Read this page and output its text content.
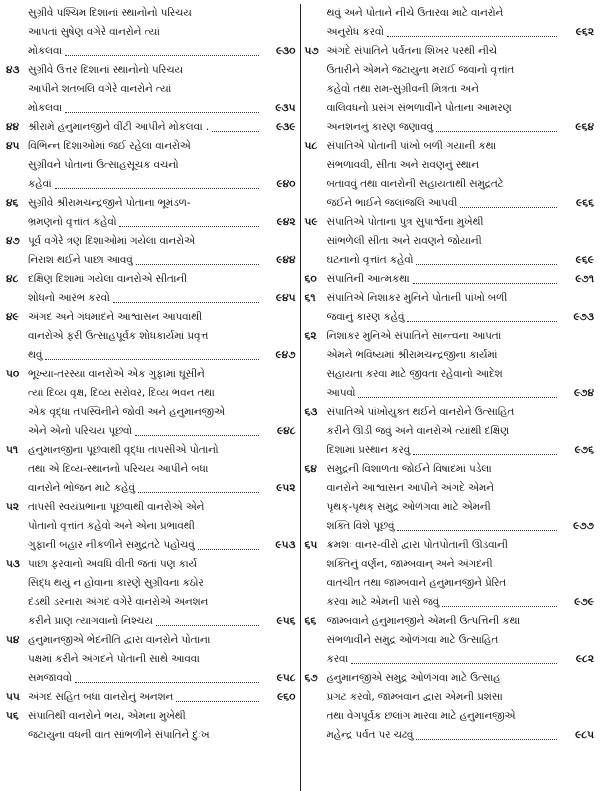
સુગ્રીવે પશ્ચિમ દિશાનાં સ્થાનોનો પરિચય
આપતાં સુષેણ વગેરે વાનરોને ત્યાં
મોકલવા	૯૩૦
૪૩ સુગ્રીવે ઉત્તર દિશાનાં સ્થાનોનો પરિચય
આપીને શતબલિ વગેરે વાનરોને ત્યાં
મોકલવા	૯૩૫
૪૪ શ્રીરામે હનુમાનજીને વીંટી આપીને મોકલવા .	૯૩૯
૪૫ વિભિન્ન દિશાઓમાં જઈ રહેલા વાનરોએ
સુગ્રીવને પોતાનાં ઉત્સાહસૂચક વચનો
કહેવાં	૯૪૦
૪૬ સુગ્રીવે શ્રીરામચન્દ્રજીને પોતાના ભૂમંડળ-
ભ્રમણનો વૃત્તાંત કહેવો	૯૪૨
૪૭ પૂર્વ વગેરે ત્રણ દિશાઓમાં ગયેલા વાનરોએ
નિરાશ થઈને પાછા આવવું	૯૪૪
૪૮ દક્ષિણ દિશામાં ગયેલા વાનરોએ સીતાની
શોધનો આરંભ કરવો	૯૪૫
૪૯ અંગદ અને ગંધમાદને આશ્વાસન આપવાથી
વાનરોએ ફરી ઉત્સાહપૂર્વક શોધકાર્યમાં પ્રવૃત્ત
થવું	૯૪૭
૫૦ ભૂખ્યા-તરસ્યા વાનરોએ એક ગુફામાં ઘૂસીને
ત્યાં દિવ્ય વૃક્ષ, દિવ્ય સરોવર, દિવ્ય ભવન તથા
એક વૃદ્ધા તપસ્વિનીને જોવી અને હનુમાનજીએ
એને એનો પરિચય પૂછવો	૯૪૮
૫૧ હનુમાનજીના પૂછવાથી વૃદ્ધા તાપસીએ પોતાનો
તથા એ દિવ્ય-સ્થાનનો પરિચય આપીને બધા
વાનરોને ભોજન માટે કહેવું	૯૫૨
૫૨ તાપસી સ્વયંપ્રભાના પૂછવાથી વાનરોએ એને
પોતાનો વૃત્તાંત કહેવો અને એના પ્રભાવથી
ગુફાની બહાર નીકળીને સમુદ્રતટે પહોંચવું	૯૫૩
૫૩ પાછા ફરવાનો અવધિ વીતી જતાં પણ કાર્ય
સિદ્ધ થયું ન હોવાના કારણે સુગ્રીવના કઠોર
દંડથી ડરનારા અંગદ વગેરે વાનરોએ અનશન
કરીને પ્રાણ ત્યાગવાનો નિશ્ચય	૯૫૬
૫૪ હનુમાનજીએ ભેદનીતિ દ્વારા વાનરોને પોતાના
પક્ષમાં કરીને અંગદને પોતાની સાથે આવવા
સમજાવવો	૯૫૮
૫૫ અંગદ સહિત બધા વાનરોનું અનશન	૯૬૦
૫૬ સંપાતિથી વાનરોને ભય, એમના મુખેથી
જટાયુના વધની વાત સાંભળીને સંપાતિને દુઃખ
થવું અને પોતાને નીચે ઉતારવા માટે વાનરોને
અનુરોધ કરવો	૯૬૨
૫૭ અંગદે સંપાતિને પર્વતના શિખર પરથી નીચે
ઉતારીને એમને જટાયુના મરાઈ જવાનો વૃત્તાંત
કહેવો તથા રામ-સુગ્રીવની મિત્રતા અને
વાલિવધનો પ્રસંગ સંભળાવીને પોતાના આમરણ
અનશનનું કારણ જણાવવું	૯૬૪
૫૮ સંપાતિએ પોતાની પાંખો બળી ગયાની કથા
સંભળાવવી, સીતા અને રાવણનું સ્થાન
બતાવવું તથા વાનરોની સહાયતાથી સમુદ્રતટે
જઈને ભાઈને જલાંજલિ આપવી	૯૬૬
૫૯ સંપાતિએ પોતાના પુત્ર સુપાર્શ્વના મુખેથી
સાંભળેલી સીતા અને રાવણને જોયાની
ઘટનાનો વૃત્તાંત કહેવો	૯૬૯
૬૦ સંપાતિની આત્મકથા	૯૭૧
૬૧	સંપાતિએ નિશાકર મુનિને પોતાની પાંખો બળી
જવાનું કારણ કહેવું	૯૭૩
૬૨ નિશાકર મુનિએ સંપાતિને સાન્ત્વના આપતાં
એમને ભવિષ્યમાં શ્રીરામચન્દ્રજીના કાર્યમાં
સહાયતા કરવા માટે જીવતા રહેવાનો આદેશ
આપવો	૯૭૪
૬૩ સંપાતિએ પાંખોયુક્ત થઈને વાનરોને ઉત્સાહિત
કરીને ઊડી જવું અને વાનરોએ ત્યાંથી દક્ષિણ
દિશામાં પ્રસ્થાન કરવું	૯૭૬
૬૪ સમુદ્રની વિશાળતા જોઈને વિષાદમાં પડેલા
વાનરોને આશ્વાસન આપીને અંગદે એમને
પૃથક્-પૃથક્ સમુદ્ર ઓળંગવા માટે એમની
શક્તિ વિશે પૂછવું	૯૭૭
૬૫ ક્રમશઃ વાનર-વીરો દ્વારા પોતપોતાની ઊડવાની
શક્તિનું વર્ણન, જામ્બવાન્ અને અંગદની
વાતચીત તથા જામ્બવાને હનુમાનજીને પ્રેરિત
કરવા માટે એમની પાસે જવું	૯૭૯
૬૬ જામ્બવાને હનુમાનજીને એમની ઉત્પત્તિની કથા
સંભળાવીને સમુદ્ર ઓળંગવા માટે ઉત્સાહિત
કરવા	૯૮૨
૬૭ હનુમાનજીએ સમુદ્ર ઓળંગવા માટે ઉત્સાહ
પ્રગટ કરવો, જામ્બવાન દ્વારા એમની પ્રશંસા
તથા વેગપૂર્વક છલાંગ મારવા માટે હનુમાનજીએ
મહેન્દ્ર પર્વત પર ચઢવું	૯૮૫
